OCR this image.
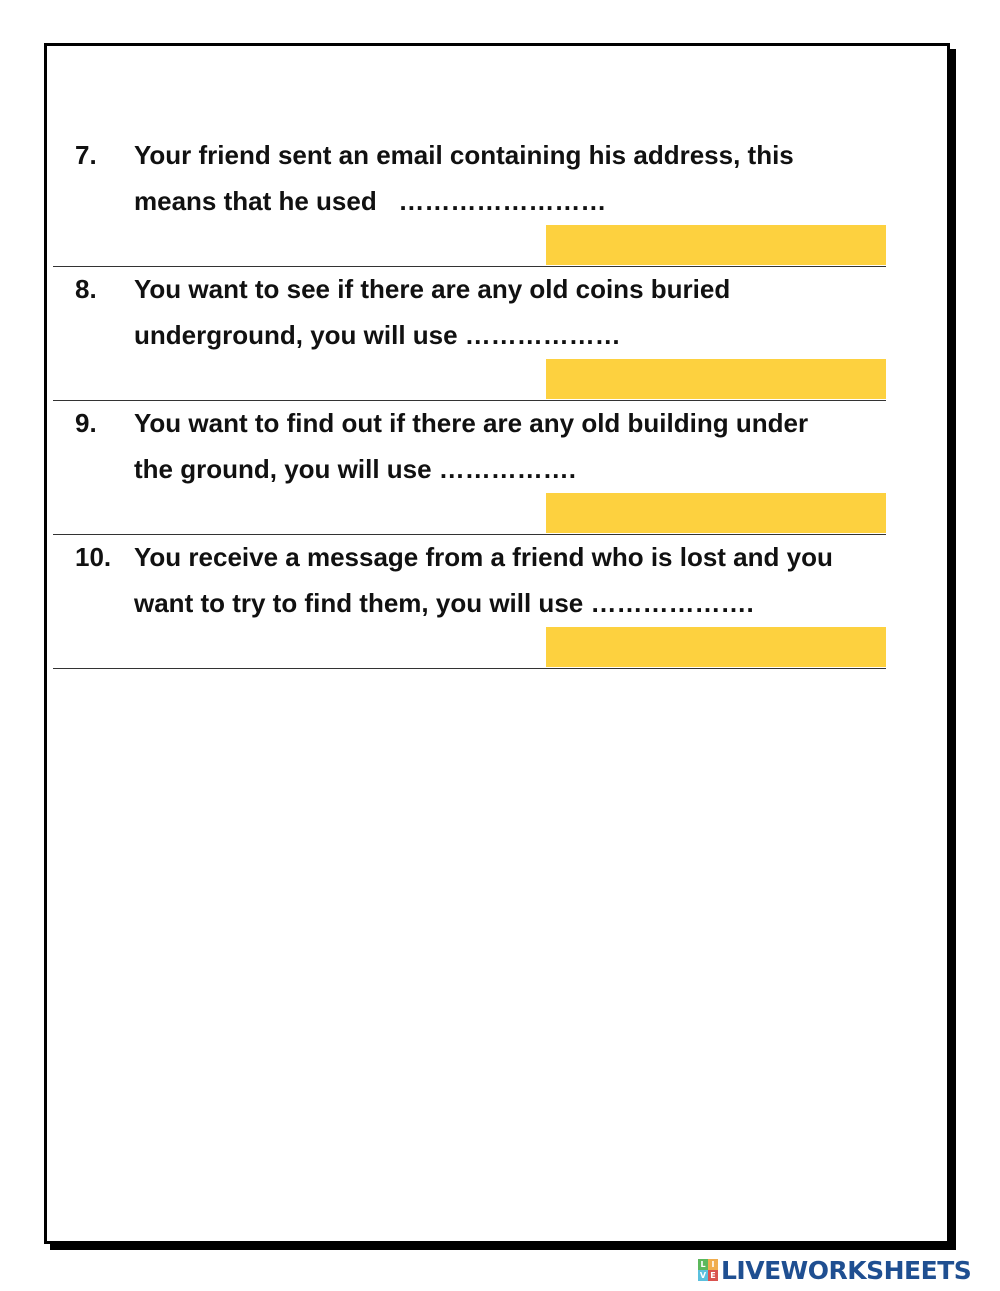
7. Your friend sent an email containing his address, this
means that he used   ……………………
8. You want to see if there are any old coins buried
underground, you will use ………………
9. You want to find out if there are any old building under
the ground, you will use …………….
10. You receive a message from a friend who is lost and you
want to try to find them, you will use ……………….
L I
V E LIVEWORKSHEETS
